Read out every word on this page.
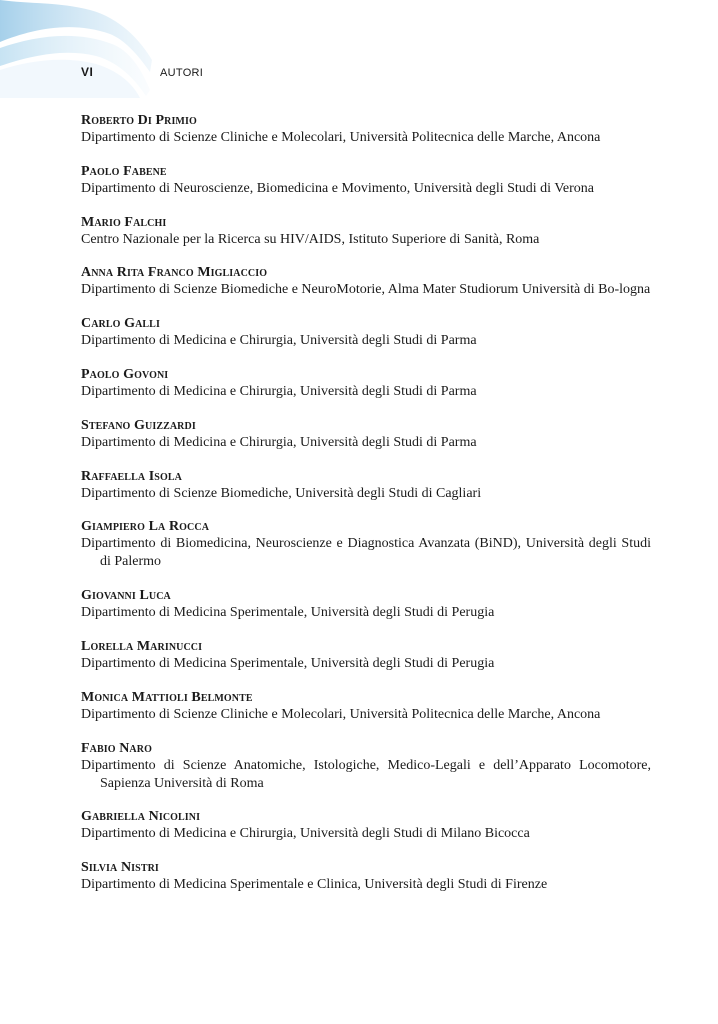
VI	AUTORI
Roberto Di Primio
Dipartimento di Scienze Cliniche e Molecolari, Università Politecnica delle Marche, Ancona
Paolo Fabene
Dipartimento di Neuroscienze, Biomedicina e Movimento, Università degli Studi di Verona
Mario Falchi
Centro Nazionale per la Ricerca su HIV/AIDS, Istituto Superiore di Sanità, Roma
Anna Rita Franco Migliaccio
Dipartimento di Scienze Biomediche e NeuroMotorie, Alma Mater Studiorum Università di Bo-logna
Carlo Galli
Dipartimento di Medicina e Chirurgia, Università degli Studi di Parma
Paolo Govoni
Dipartimento di Medicina e Chirurgia, Università degli Studi di Parma
Stefano Guizzardi
Dipartimento di Medicina e Chirurgia, Università degli Studi di Parma
Raffaella Isola
Dipartimento di Scienze Biomediche, Università degli Studi di Cagliari
Giampiero La Rocca
Dipartimento di Biomedicina, Neuroscienze e Diagnostica Avanzata (BiND), Università degli Studi di Palermo
Giovanni Luca
Dipartimento di Medicina Sperimentale, Università degli Studi di Perugia
Lorella Marinucci
Dipartimento di Medicina Sperimentale, Università degli Studi di Perugia
Monica Mattioli Belmonte
Dipartimento di Scienze Cliniche e Molecolari, Università Politecnica delle Marche, Ancona
Fabio Naro
Dipartimento di Scienze Anatomiche, Istologiche, Medico-Legali e dell’Apparato Locomotore, Sapienza Università di Roma
Gabriella Nicolini
Dipartimento di Medicina e Chirurgia, Università degli Studi di Milano Bicocca
Silvia Nistri
Dipartimento di Medicina Sperimentale e Clinica, Università degli Studi di Firenze
